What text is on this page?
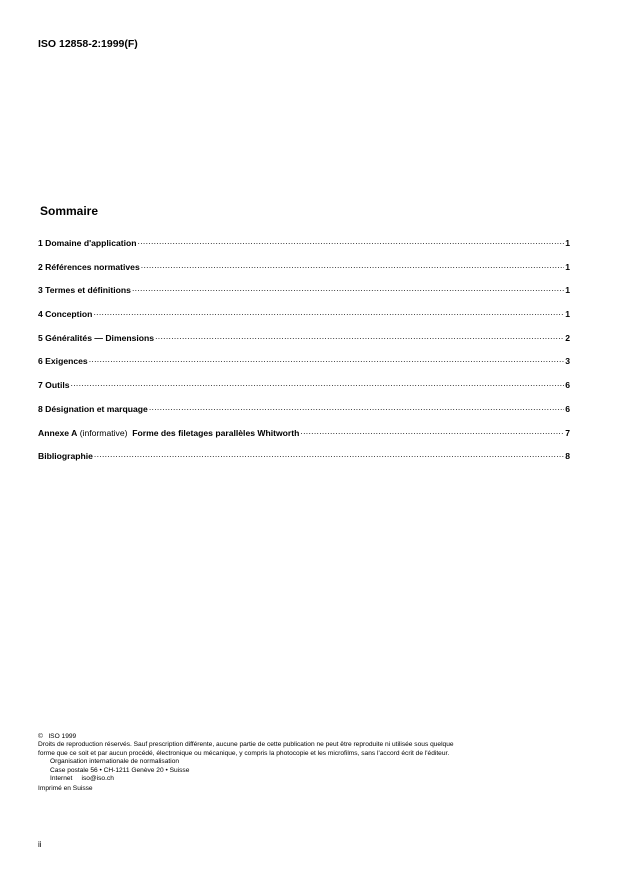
ISO 12858-2:1999(F)
Sommaire
1 Domaine d'application .....	1
2 Références normatives .....	1
3 Termes et définitions .....	1
4 Conception .....	1
5 Généralités — Dimensions .....	2
6 Exigences .....	3
7 Outils .....	6
8 Désignation et marquage .....	6
Annexe A (informative)  Forme des filetages parallèles Whitworth .....	7
Bibliographie .....	8

©   ISO 1999

Droits de reproduction réservés. Sauf prescription différente, aucune partie de cette publication ne peut être reproduite ni utilisée sous quelque

forme que ce soit et par aucun procédé, électronique ou mécanique, y compris la photocopie et les microfilms, sans l'accord écrit de l'éditeur.

Organisation internationale de normalisation

Case postale 56 • CH-1211 Genève 20 • Suisse

Internet     iso@iso.ch

Imprimé en Suisse

ii
